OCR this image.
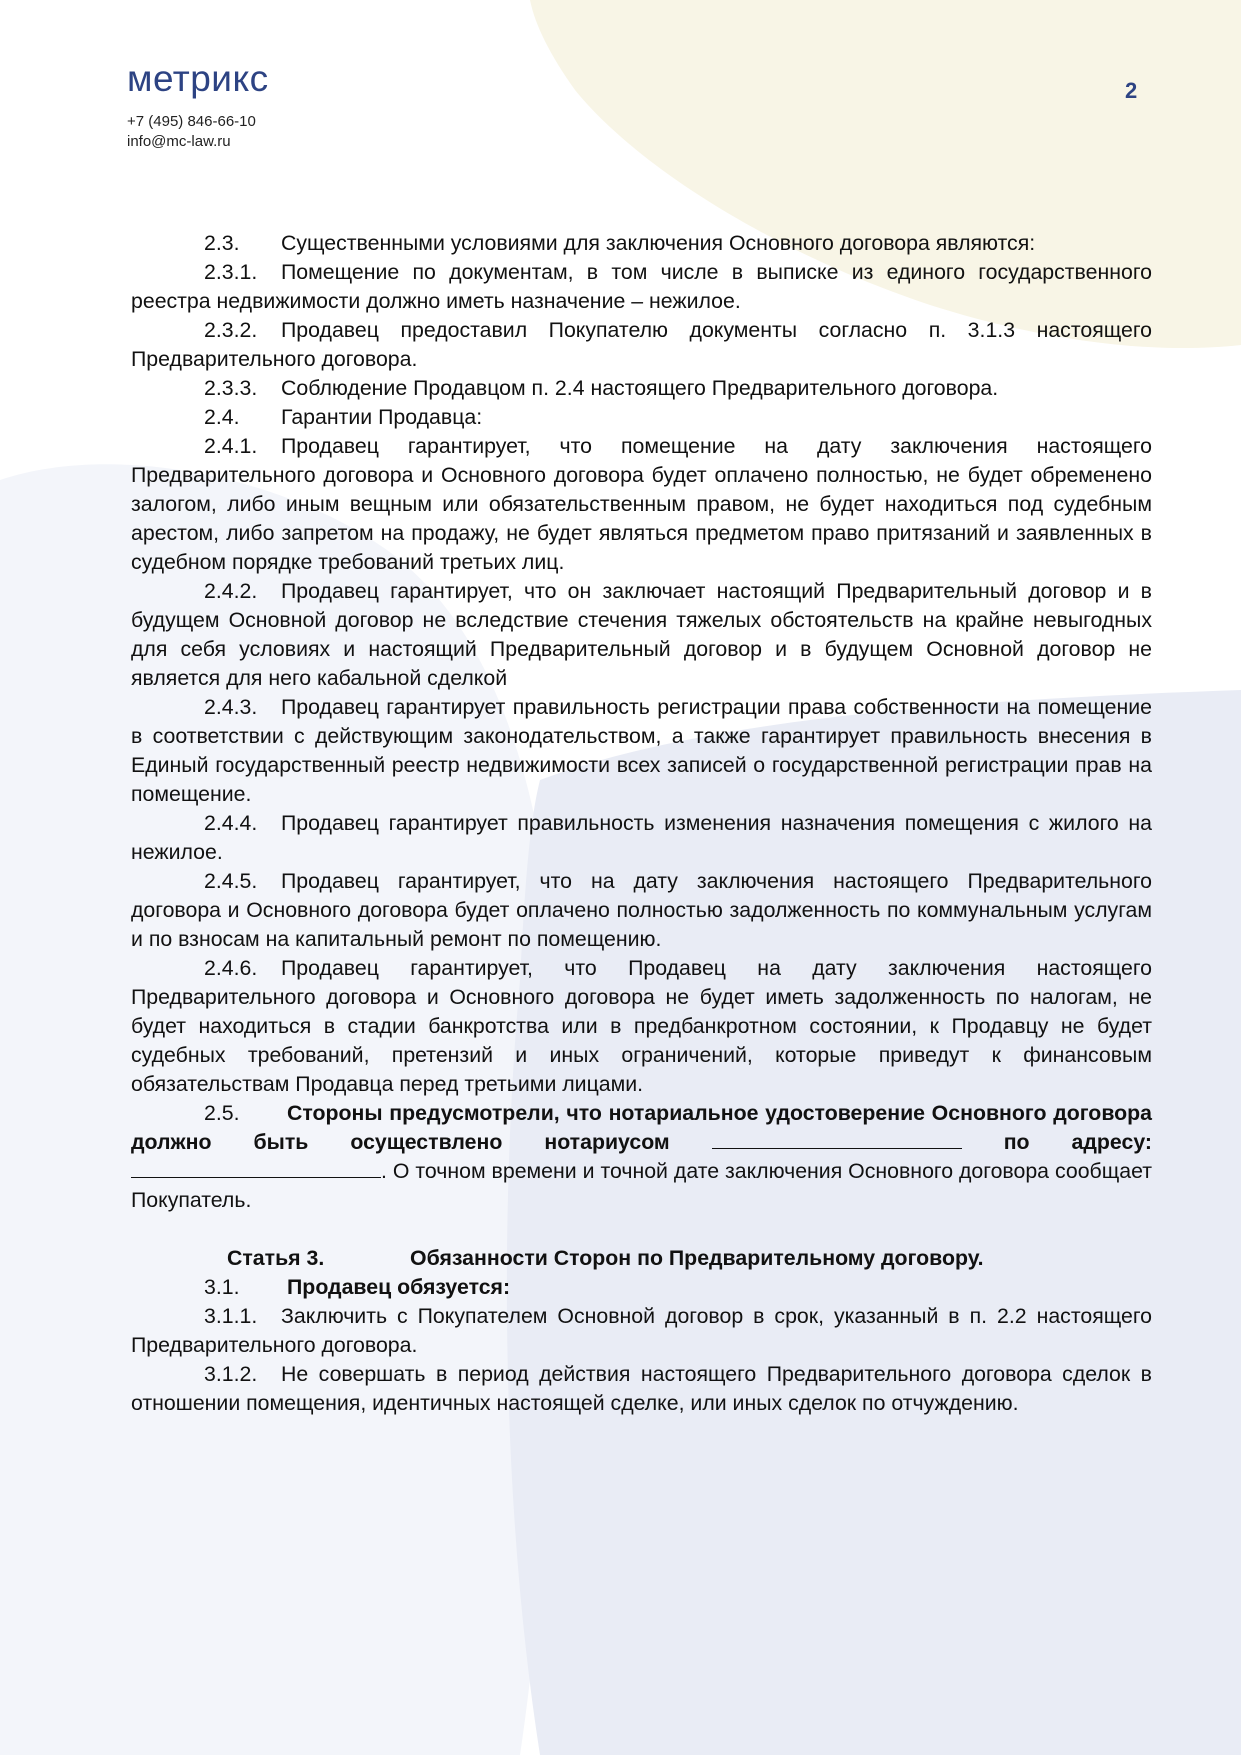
метрикс
+7 (495) 846-66-10
info@mc-law.ru
2

2.3. Существенными условиями для заключения Основного договора являются:

2.3.1. Помещение по документам, в том числе в выписке из единого государственного реестра недвижимости должно иметь назначение – нежилое.

2.3.2. Продавец предоставил Покупателю документы согласно п. 3.1.3 настоящего Предварительного договора.

2.3.3. Соблюдение Продавцом п. 2.4 настоящего Предварительного договора.

2.4. Гарантии Продавца:

2.4.1. Продавец гарантирует, что помещение на дату заключения настоящего Предварительного договора и Основного договора будет оплачено полностью, не будет обременено залогом, либо иным вещным или обязательственным правом, не будет находиться под судебным арестом, либо запретом на продажу, не будет являться предметом право притязаний и заявленных в судебном порядке требований третьих лиц.

2.4.2. Продавец гарантирует, что он заключает настоящий Предварительный договор и в будущем Основной договор не вследствие стечения тяжелых обстоятельств на крайне невыгодных для себя условиях и настоящий Предварительный договор и в будущем Основной договор не является для него кабальной сделкой

2.4.3. Продавец гарантирует правильность регистрации права собственности на помещение в соответствии с действующим законодательством, а также гарантирует правильность внесения в Единый государственный реестр недвижимости всех записей о государственной регистрации прав на помещение.

2.4.4. Продавец гарантирует правильность изменения назначения помещения с жилого на нежилое.

2.4.5. Продавец гарантирует, что на дату заключения настоящего Предварительного договора и Основного договора будет оплачено полностью задолженность по коммунальным услугам и по взносам на капитальный ремонт по помещению.

2.4.6. Продавец гарантирует, что Продавец на дату заключения настоящего Предварительного договора и Основного договора не будет иметь задолженность по налогам, не будет находиться в стадии банкротства или в предбанкротном состоянии, к Продавцу не будет судебных требований, претензий и иных ограничений, которые приведут к финансовым обязательствам Продавца перед третьими лицами.

2.5. Стороны предусмотрели, что нотариальное удостоверение Основного договора должно быть осуществлено нотариусом	по адресу: . О точном времени и точной дате заключения Основного договора сообщает Покупатель.

Статья 3.	Обязанности Сторон по Предварительному договору.

3.1. Продавец обязуется:

3.1.1. Заключить с Покупателем Основной договор в срок, указанный в п. 2.2 настоящего Предварительного договора.

3.1.2. Не совершать в период действия настоящего Предварительного договора сделок в отношении помещения, идентичных настоящей сделке, или иных сделок по отчуждению.
